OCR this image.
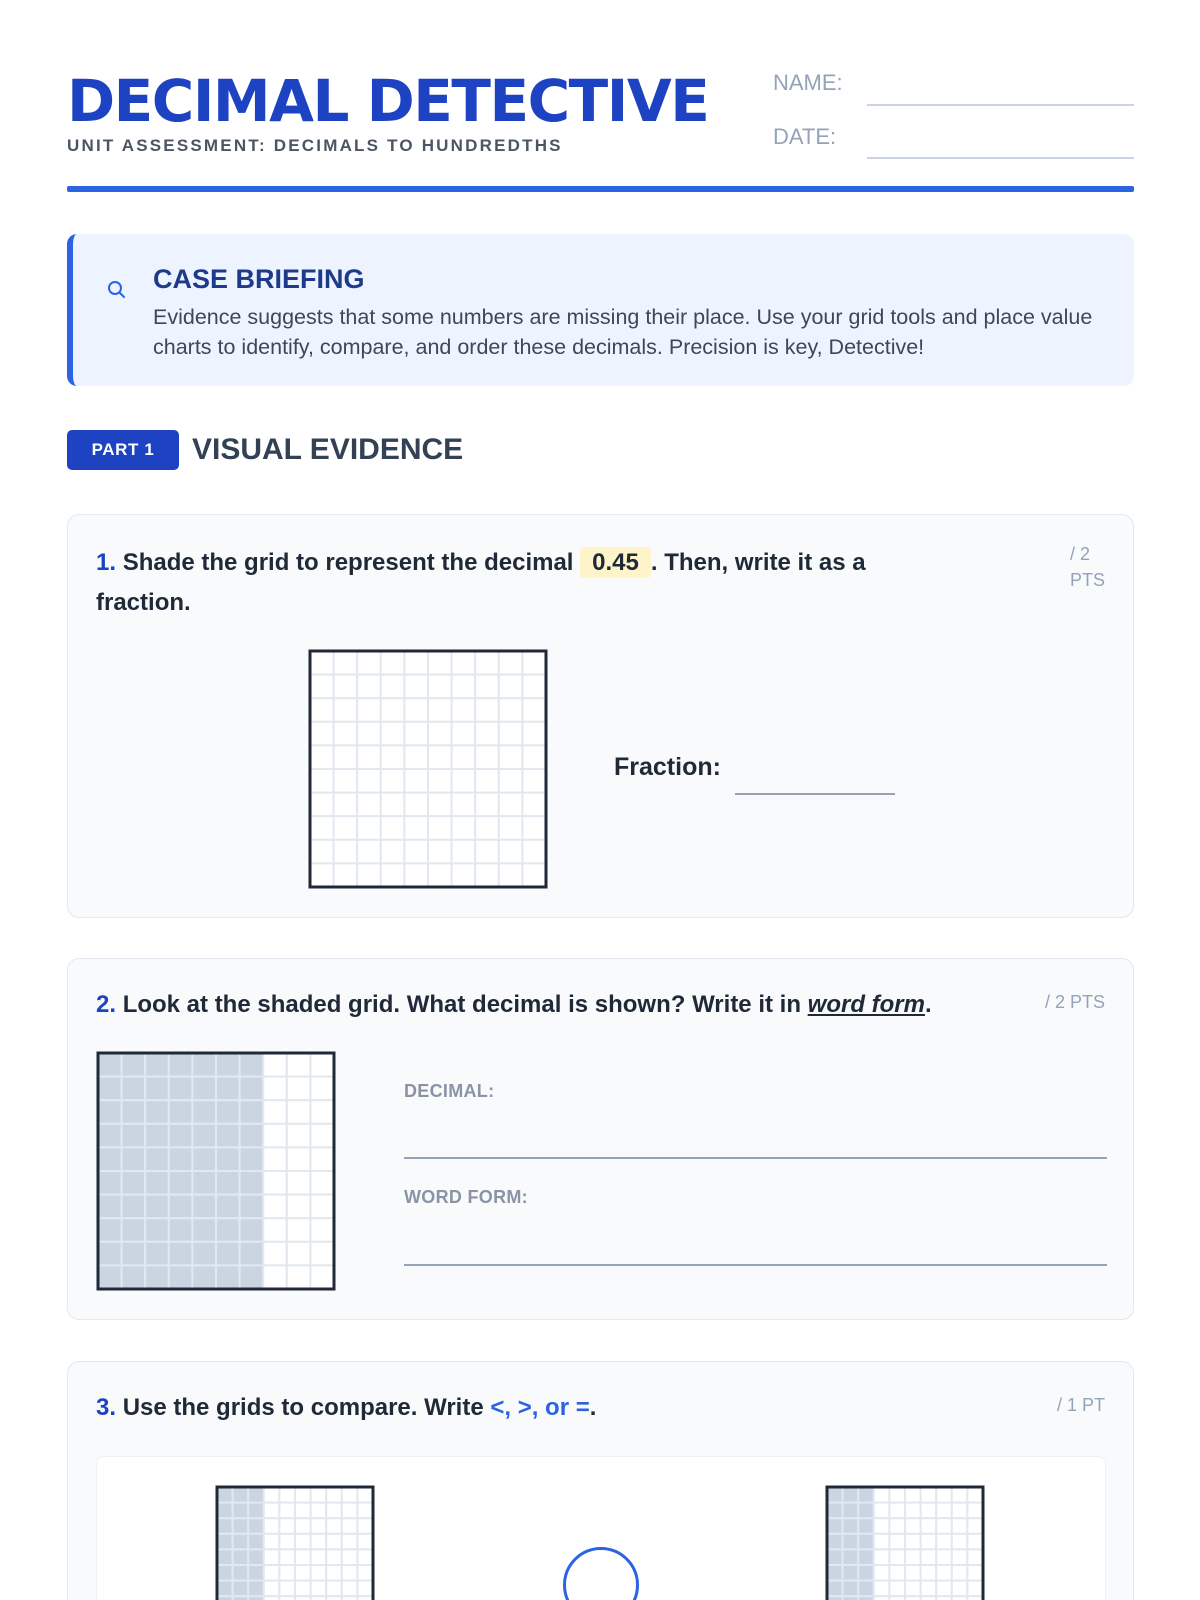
DECIMAL DETECTIVE
UNIT ASSESSMENT: DECIMALS TO HUNDREDTHS
NAME:
DATE:
CASE BRIEFING
Evidence suggests that some numbers are missing their place. Use your grid tools and place value charts to identify, compare, and order these decimals. Precision is key, Detective!
PART 1	VISUAL EVIDENCE
1. Shade the grid to represent the decimal 0.45 . Then, write it as a fraction.
/ 2
PTS
Fraction:
2. Look at the shaded grid. What decimal is shown? Write it in word form.	/ 2 PTS
DECIMAL:
WORD FORM:
3. Use the grids to compare. Write <, >, or =.	/ 1 PT
